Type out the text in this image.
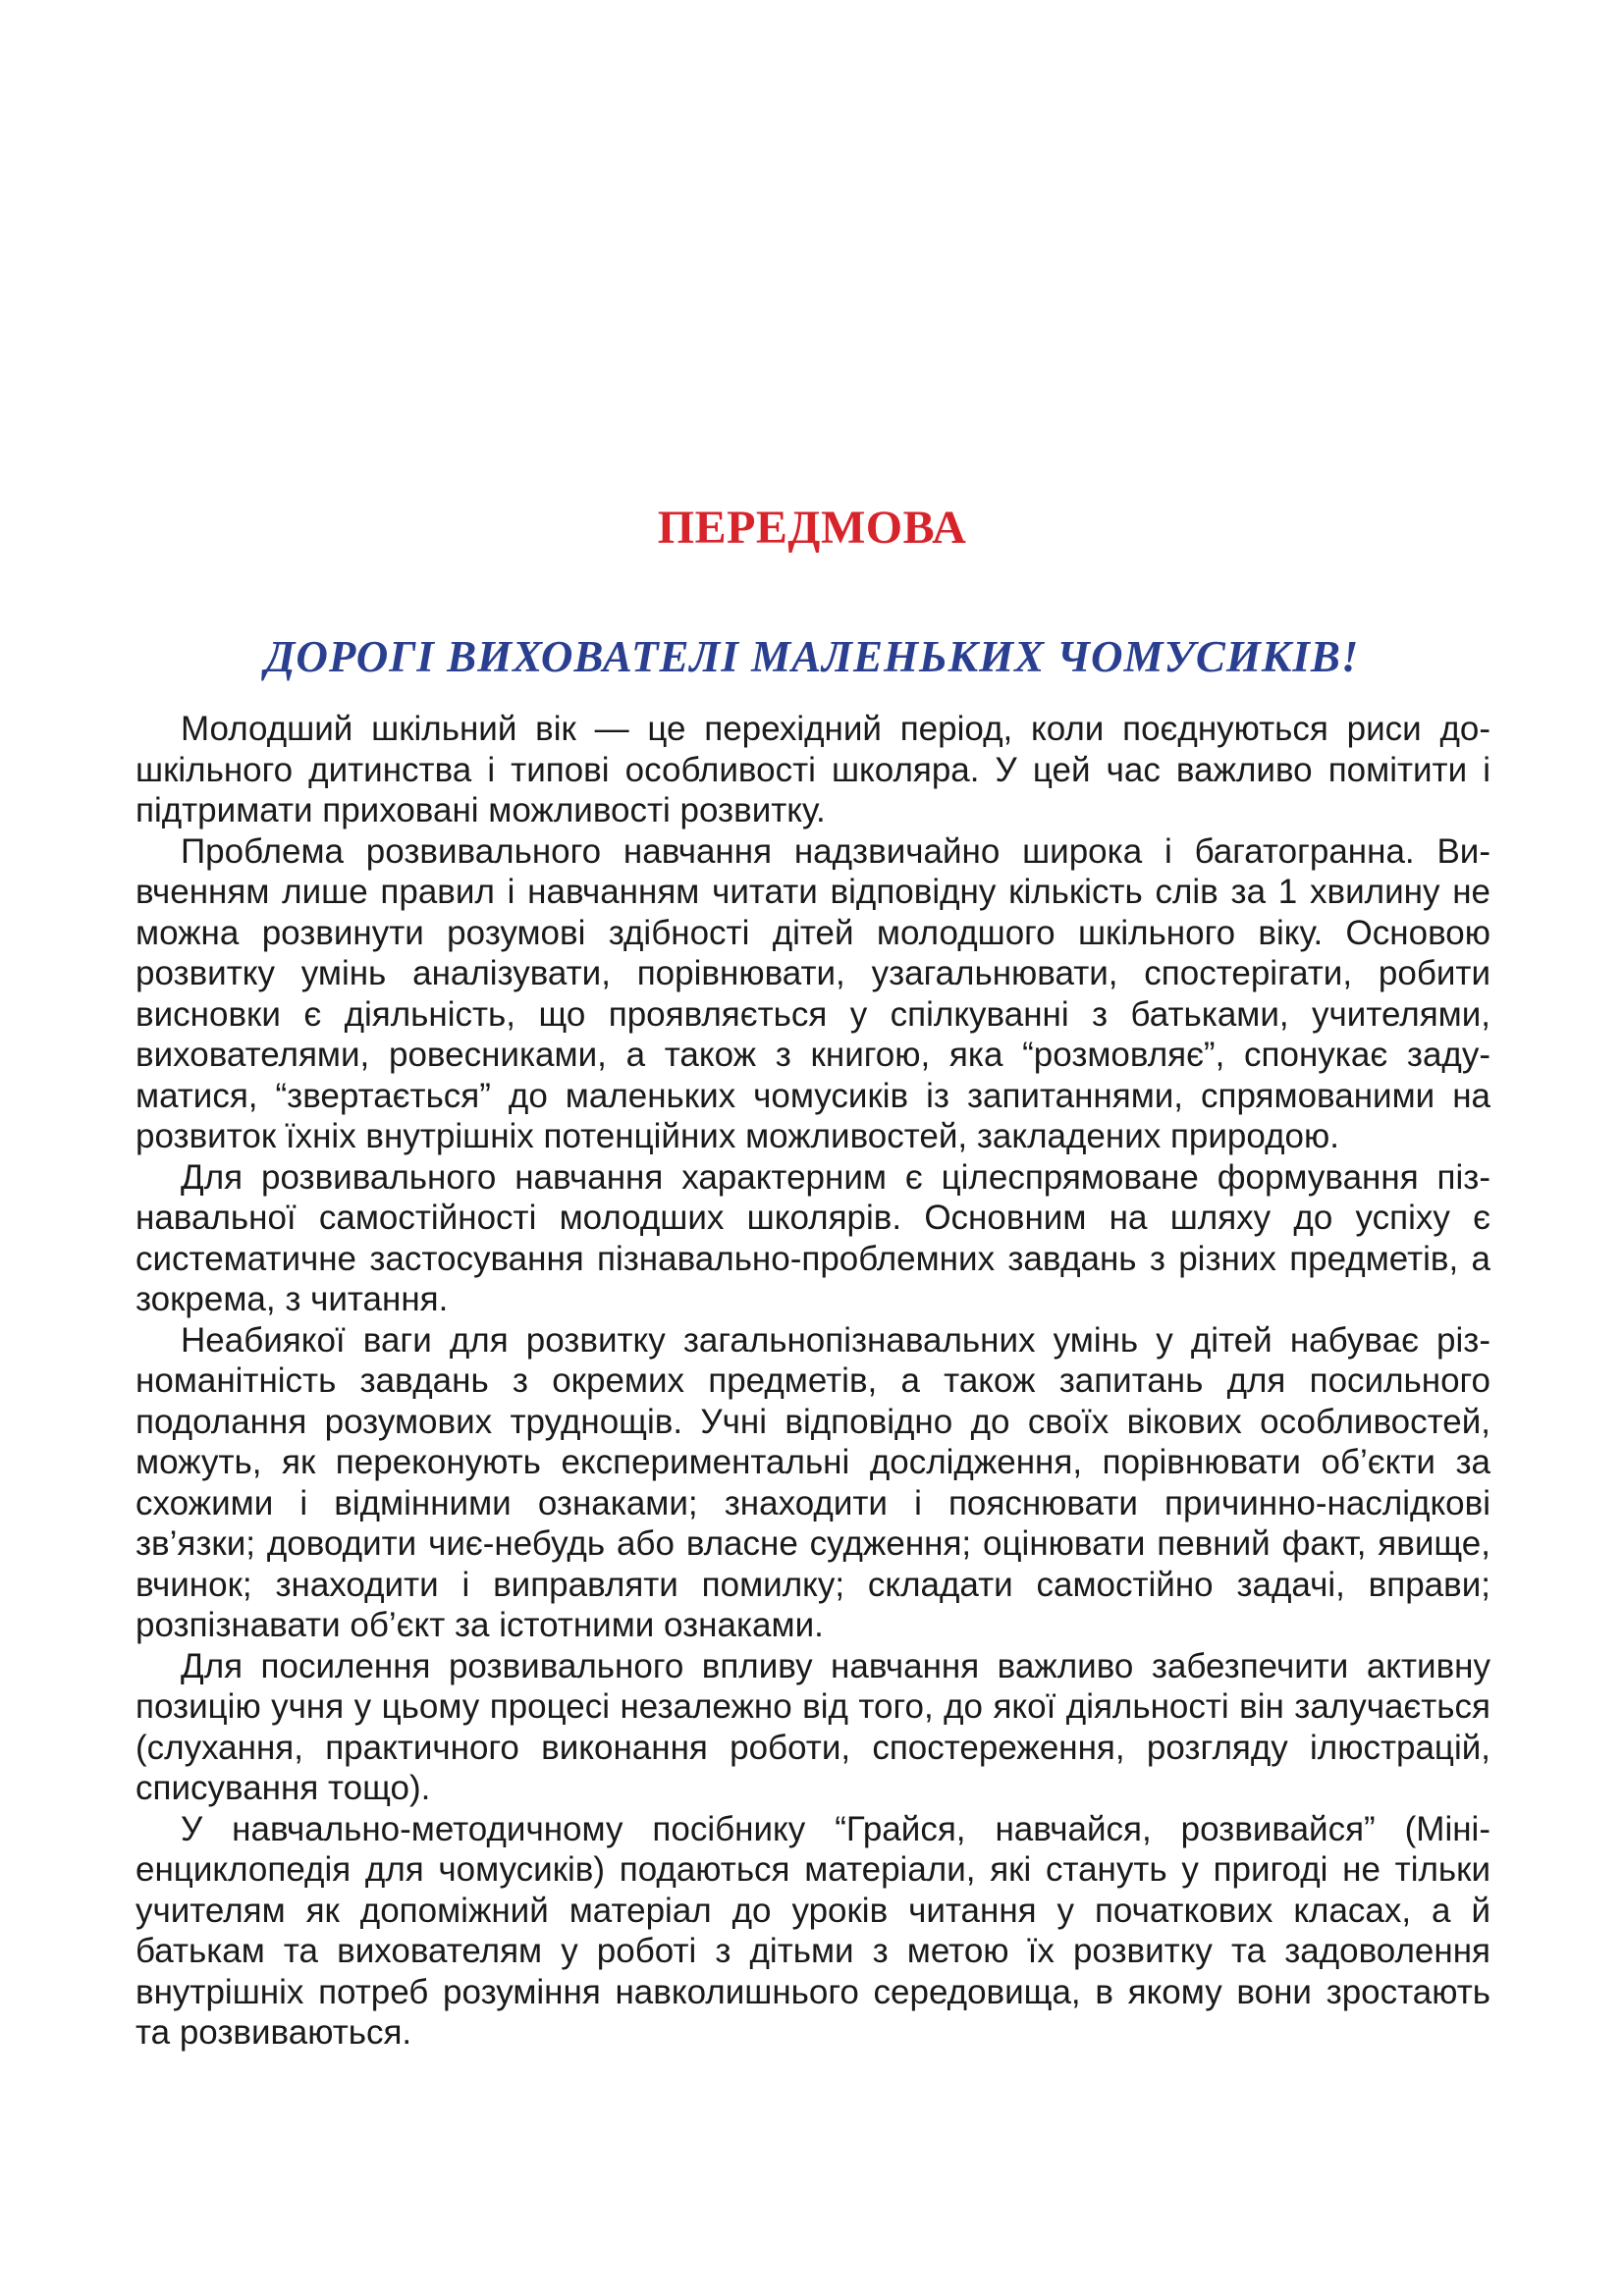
ПЕРЕДМОВА
ДОРОГІ ВИХОВАТЕЛІ МАЛЕНЬКИХ ЧОМУСИКІВ!

Молодший шкільний вік — це перехідний період, коли поєднуються риси дошкільного дитинства і типові особливості школяра. У цей час важливо помітити і підтримати приховані можливості розвитку.

Проблема розвивального навчання надзвичайно широка і багатогранна. Вивченням лише правил і навчанням читати відповідну кількість слів за 1 хвилину не можна розвинути розумові здібності дітей молодшого шкільного віку. Основою розвитку умінь аналізувати, порівнювати, узагальнювати, спостерігати, робити висновки є діяльність, що проявляється у спілкуванні з батьками, учителями, вихователями, ровесниками, а також з книгою, яка “розмовляє”, спонукає задуматися, “звертається” до маленьких чомусиків із запитаннями, спрямованими на розвиток їхніх внутрішніх потенційних можливостей, закладених природою.

Для розвивального навчання характерним є цілеспрямоване формування пізнавальної самостійності молодших школярів. Основним на шляху до успіху є систематичне застосування пізнавально-проблемних завдань з різних предметів, а зокрема, з читання.

Неабиякої ваги для розвитку загальнопізнавальних умінь у дітей набуває різноманітність завдань з окремих предметів, а також запитань для посильного подолання розумових труднощів. Учні відповідно до своїх вікових особливостей, можуть, як переконують експериментальні дослідження, порівнювати об’єкти за схожими і відмінними ознаками; знаходити і пояснювати причинно-наслідкові зв’язки; доводити чиє-небудь або власне судження; оцінювати певний факт, явище, вчинок; знаходити і виправляти помилку; складати самостійно задачі, вправи; розпізнавати об’єкт за істотними ознаками.

Для посилення розвивального впливу навчання важливо забезпечити активну позицію учня у цьому процесі незалежно від того, до якої діяльності він залучається (слухання, практичного виконання роботи, спостереження, розгляду ілюстрацій, списування тощо).

У навчально-методичному посібнику “Грайся, навчайся, розвивайся” (Міні-енциклопедія для чомусиків) подаються матеріали, які стануть у пригоді не тільки учителям як допоміжний матеріал до уроків читання у початкових класах, а й батькам та вихователям у роботі з дітьми з метою їх розвитку та задоволення внутрішніх потреб розуміння навколишнього середовища, в якому вони зростають та розвиваються.
